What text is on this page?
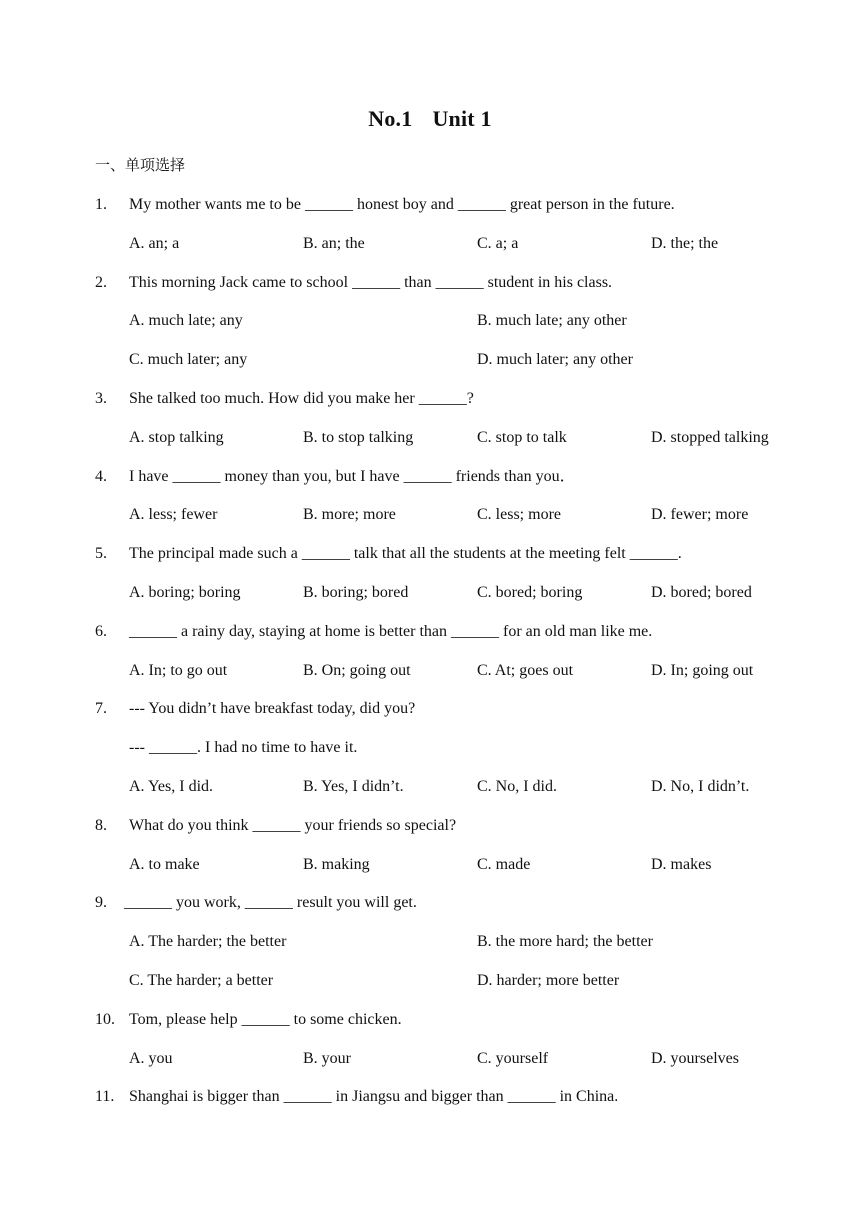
No.1 Unit 1
一、单项选择
1. My mother wants me to be ______ honest boy and ______ great person in the future.
A. an; a	B. an; the	C. a; a	D. the; the
2. This morning Jack came to school ______ than ______ student in his class.
A. much late; any	B. much late; any other
C. much later; any	D. much later; any other
3. She talked too much. How did you make her ______?
A. stop talking	B. to stop talking	C. stop to talk	D. stopped talking
4. I have ______ money than you, but I have ______ friends than you．
A. less; fewer	B. more; more	C. less; more	D. fewer; more
5. The principal made such a ______ talk that all the students at the meeting felt ______.
A. boring; boring	B. boring; bored	C. bored; boring	D. bored; bored
6. ______ a rainy day, staying at home is better than ______ for an old man like me.
A. In; to go out	B. On; going out	C. At; goes out	D. In; going out
7. --- You didn’t have breakfast today, did you?
--- ______. I had no time to have it.
A. Yes, I did.	B. Yes, I didn’t.	C. No, I did.	D. No, I didn’t.
8. What do you think ______ your friends so special?
A. to make	B. making	C. made	D. makes
9. ______ you work, ______ result you will get.
A. The harder; the better	B. the more hard; the better
C. The harder; a better	D. harder; more better
10. Tom, please help ______ to some chicken.
A. you	B. your	C. yourself	D. yourselves
11. Shanghai is bigger than ______ in Jiangsu and bigger than ______ in China.
